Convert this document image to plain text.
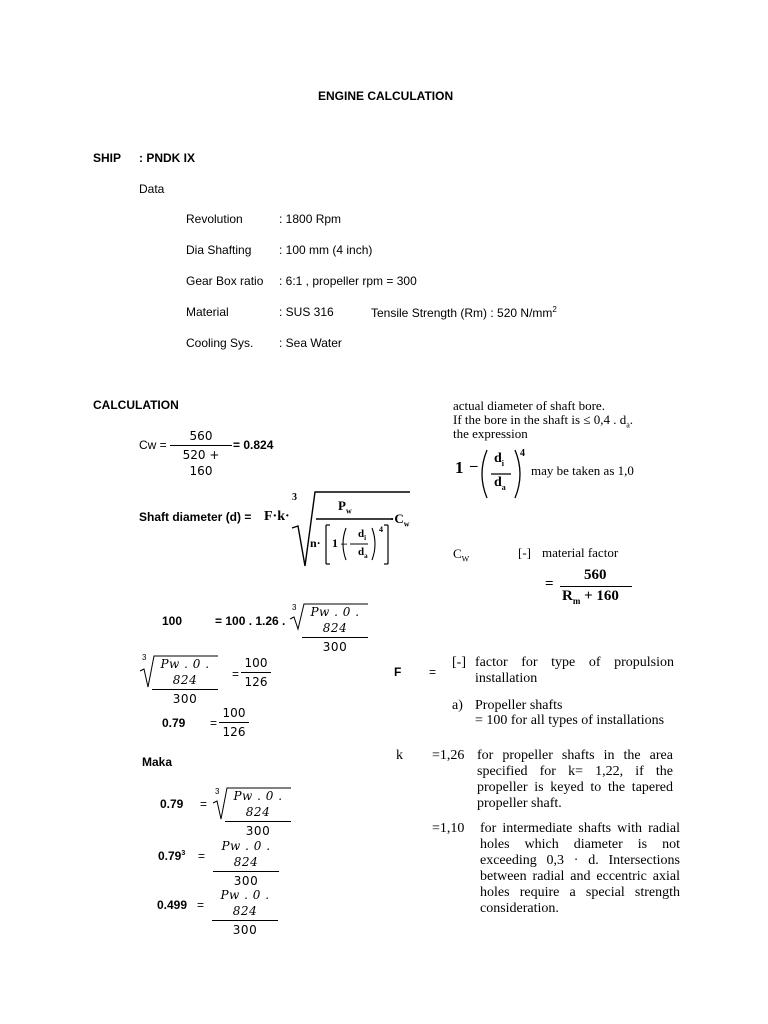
ENGINE CALCULATION
SHIP : PNDK IX
Data
Revolution	: 1800 Rpm
Dia Shafting : 100 mm (4 inch)
Gear Box ratio : 6:1 , propeller rpm = 300
Material	: SUS 316	Tensile Strength (Rm) : 520 $N/mm^2$
Cooling Sys. : Sea Water
CALCULATION
Cw =
560
520 + 160
= 0.824
Shaft diameter (d) = F·k·
3
$P_w$
n· 1 –
$d_i$
$d_a$
4
$\cdot C_w$
100	= 100 . 1.26 .
3	Pw . 0 . 824
300
3	Pw . 0 . 824
300
=
100
126
0.79 =
100
126
Maka
0.79 =
3	Pw . 0 . 824
300
$0.79^3$ =
Pw . 0 . 824
300
0.499 =
Pw . 0 . 824
300
actual diameter of shaft bore.
If the bore in the shaft is ≤ 0,4 . $d_a$.
the expression
$1 - d_i$
$d_a$
4
may be taken as 1,0
$C_W$	[-] material factor
=
560
$R_m + 160$
F =
[-] factor for type of propulsion installation
a) Propeller shafts
= 100 for all types of installations
k =1,26 for propeller shafts in the area specified for k= 1,22, if the propeller is keyed to the tapered propeller shaft.
=1,10 for intermediate shafts with radial holes which diameter is not exceeding 0,3 · d. Intersections between radial and eccentric axial holes require a special strength consideration.
